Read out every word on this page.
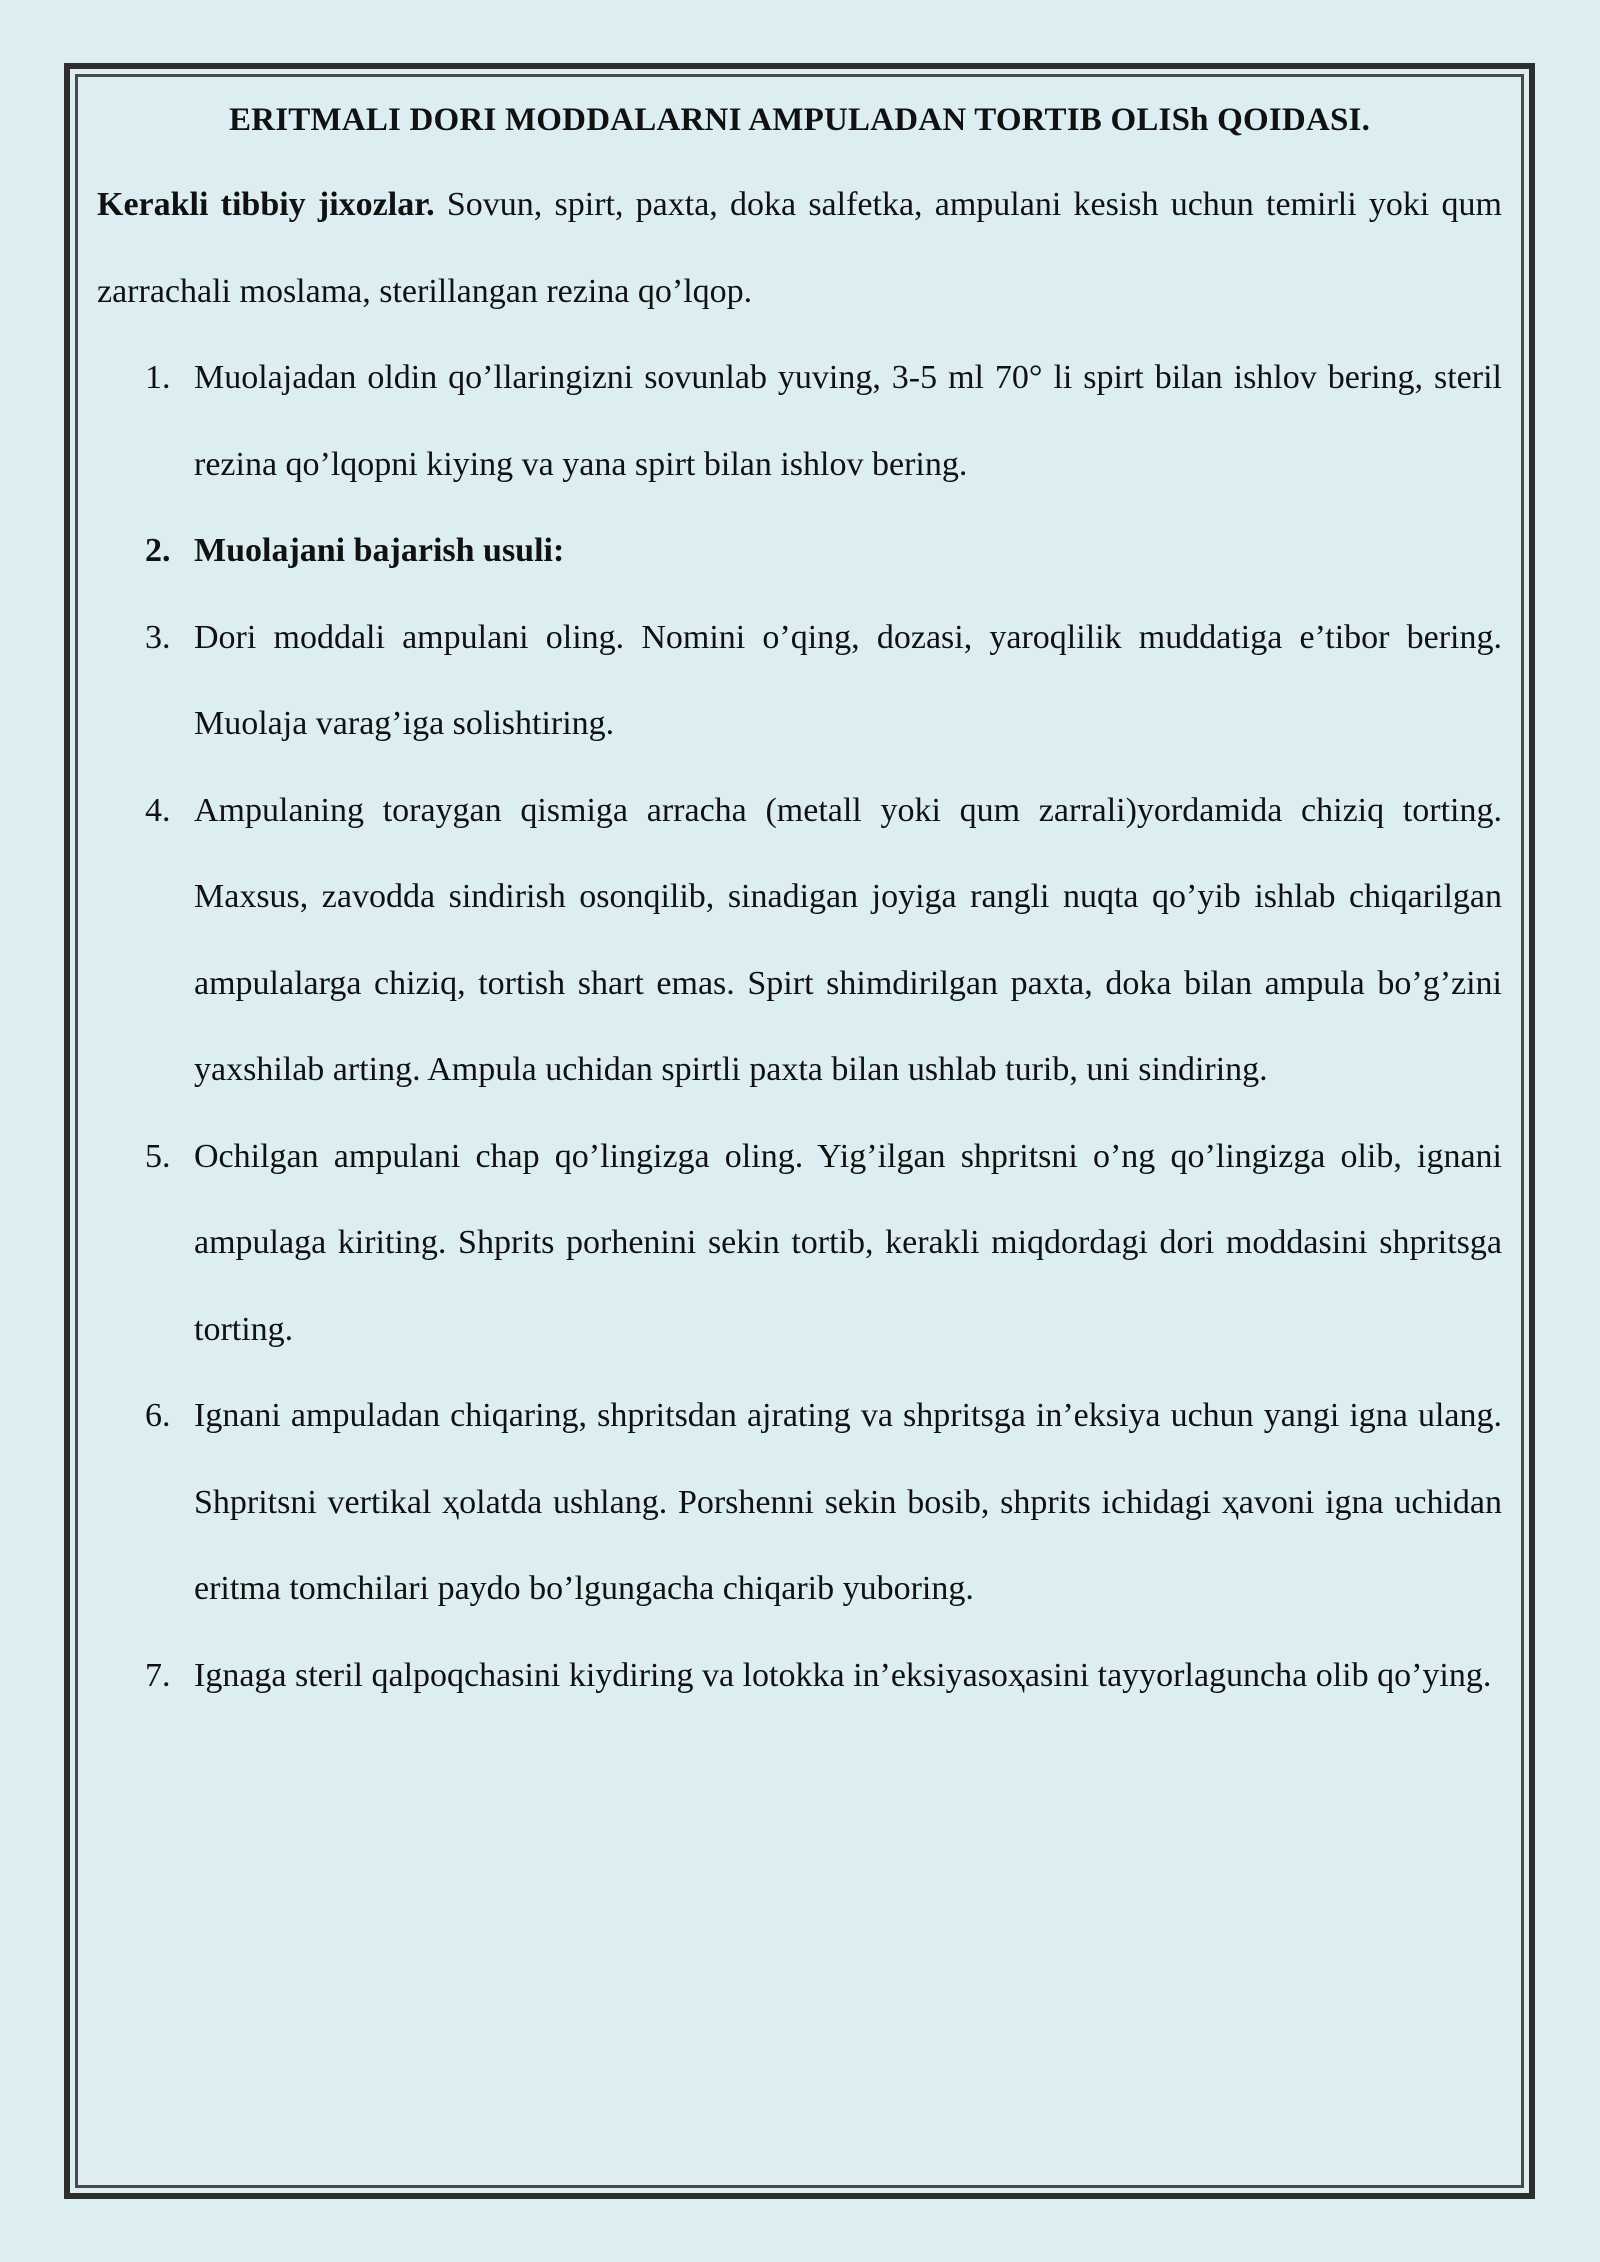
ERITMALI DORI MODDALARNI AMPULADAN TORTIB OLISh QOIDASI.

Kerakli tibbiy jixozlar. Sovun, spirt, paxta, doka salfetka, ampulani kesish uchun temirli yoki qum zarrachali moslama, sterillangan rezina qo’lqop.

1. Muolajadan oldin qo’llaringizni sovunlab yuving, 3-5 ml 70° li spirt bilan ishlov bering, steril rezina qo’lqopni kiying va yana spirt bilan ishlov bering.
2. Muolajani bajarish usuli:
3. Dori moddali ampulani oling. Nomini o’qing, dozasi, yaroqlilik muddatiga e’tibor bering. Muolaja varag’iga solishtiring.
4. Ampulaning toraygan qismiga arracha (metall yoki qum zarrali)yordamida chiziq torting. Maxsus, zavodda sindirish osonqilib, sinadigan joyiga rangli nuqta qo’yib ishlab chiqarilgan ampulalarga chiziq, tortish shart emas. Spirt shimdirilgan paxta, doka bilan ampula bo’g’zini yaxshilab arting. Ampula uchidan spirtli paxta bilan ushlab turib, uni sindiring.
5. Ochilgan ampulani chap qo’lingizga oling. Yig’ilgan shpritsni o’ng qo’lingizga olib, ignani ampulaga kiriting. Shprits porhenini sekin tortib, kerakli miqdordagi dori moddasini shpritsga torting.
6. Ignani ampuladan chiqaring, shpritsdan ajrating va shpritsga in’eksiya uchun yangi igna ulang. Shpritsni vertikal ҳolatda ushlang. Porshenni sekin bosib, shprits ichidagi ҳavoni igna uchidan eritma tomchilari paydo bo’lgungacha chiqarib yuboring.
7. Ignaga steril qalpoqchasini kiydiring va lotokka in’eksiyasoҳasini tayyorlaguncha olib qo’ying.
